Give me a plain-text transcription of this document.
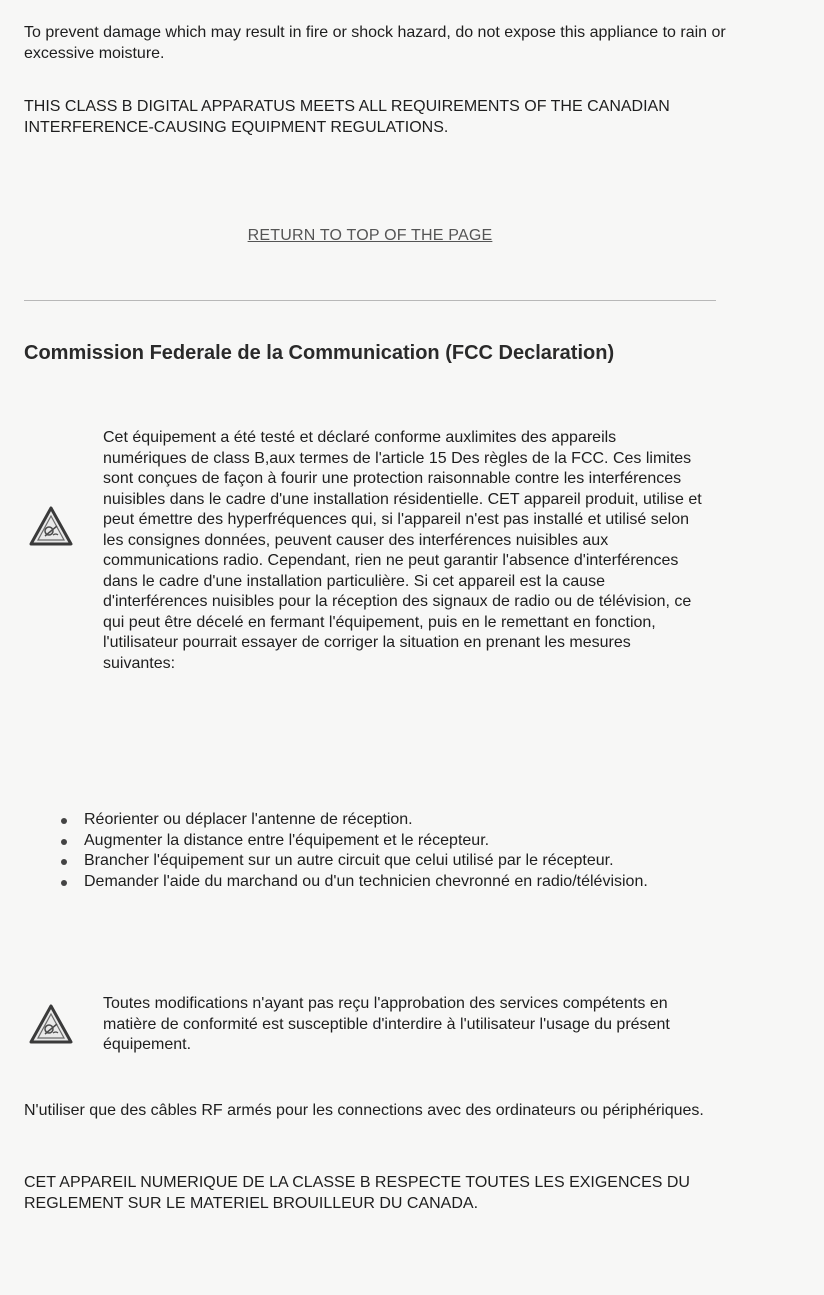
To prevent damage which may result in fire or shock hazard, do not expose this appliance to rain or excessive moisture.

THIS CLASS B DIGITAL APPARATUS MEETS ALL REQUIREMENTS OF THE CANADIAN INTERFERENCE-CAUSING EQUIPMENT REGULATIONS.

RETURN TO TOP OF THE PAGE
Commission Federale de la Communication (FCC Declaration)

Cet équipement a été testé et déclaré conforme auxlimites des appareils numériques de class B,aux termes de l'article 15 Des règles de la FCC. Ces limites sont conçues de façon à fourir une protection raisonnable contre les interférences nuisibles dans le cadre d'une installation résidentielle. CET appareil produit, utilise et peut émettre des hyperfréquences qui, si l'appareil n'est pas installé et utilisé selon les consignes données, peuvent causer des interférences nuisibles aux communications radio. Cependant, rien ne peut garantir l'absence d'interférences dans le cadre d'une installation particulière. Si cet appareil est la cause d'interférences nuisibles pour la réception des signaux de radio ou de télévision, ce qui peut être décelé en fermant l'équipement, puis en le remettant en fonction, l'utilisateur pourrait essayer de corriger la situation en prenant les mesures suivantes:

Réorienter ou déplacer l'antenne de réception.
Augmenter la distance entre l'équipement et le récepteur.
Brancher l'équipement sur un autre circuit que celui utilisé par le récepteur.
Demander l'aide du marchand ou d'un technicien chevronné en radio/télévision.

Toutes modifications n'ayant pas reçu l'approbation des services compétents en matière de conformité est susceptible d'interdire à l'utilisateur l'usage du présent équipement.

N'utiliser que des câbles RF armés pour les connections avec des ordinateurs ou périphériques.

CET APPAREIL NUMERIQUE DE LA CLASSE B RESPECTE TOUTES LES EXIGENCES DU REGLEMENT SUR LE MATERIEL BROUILLEUR DU CANADA.
